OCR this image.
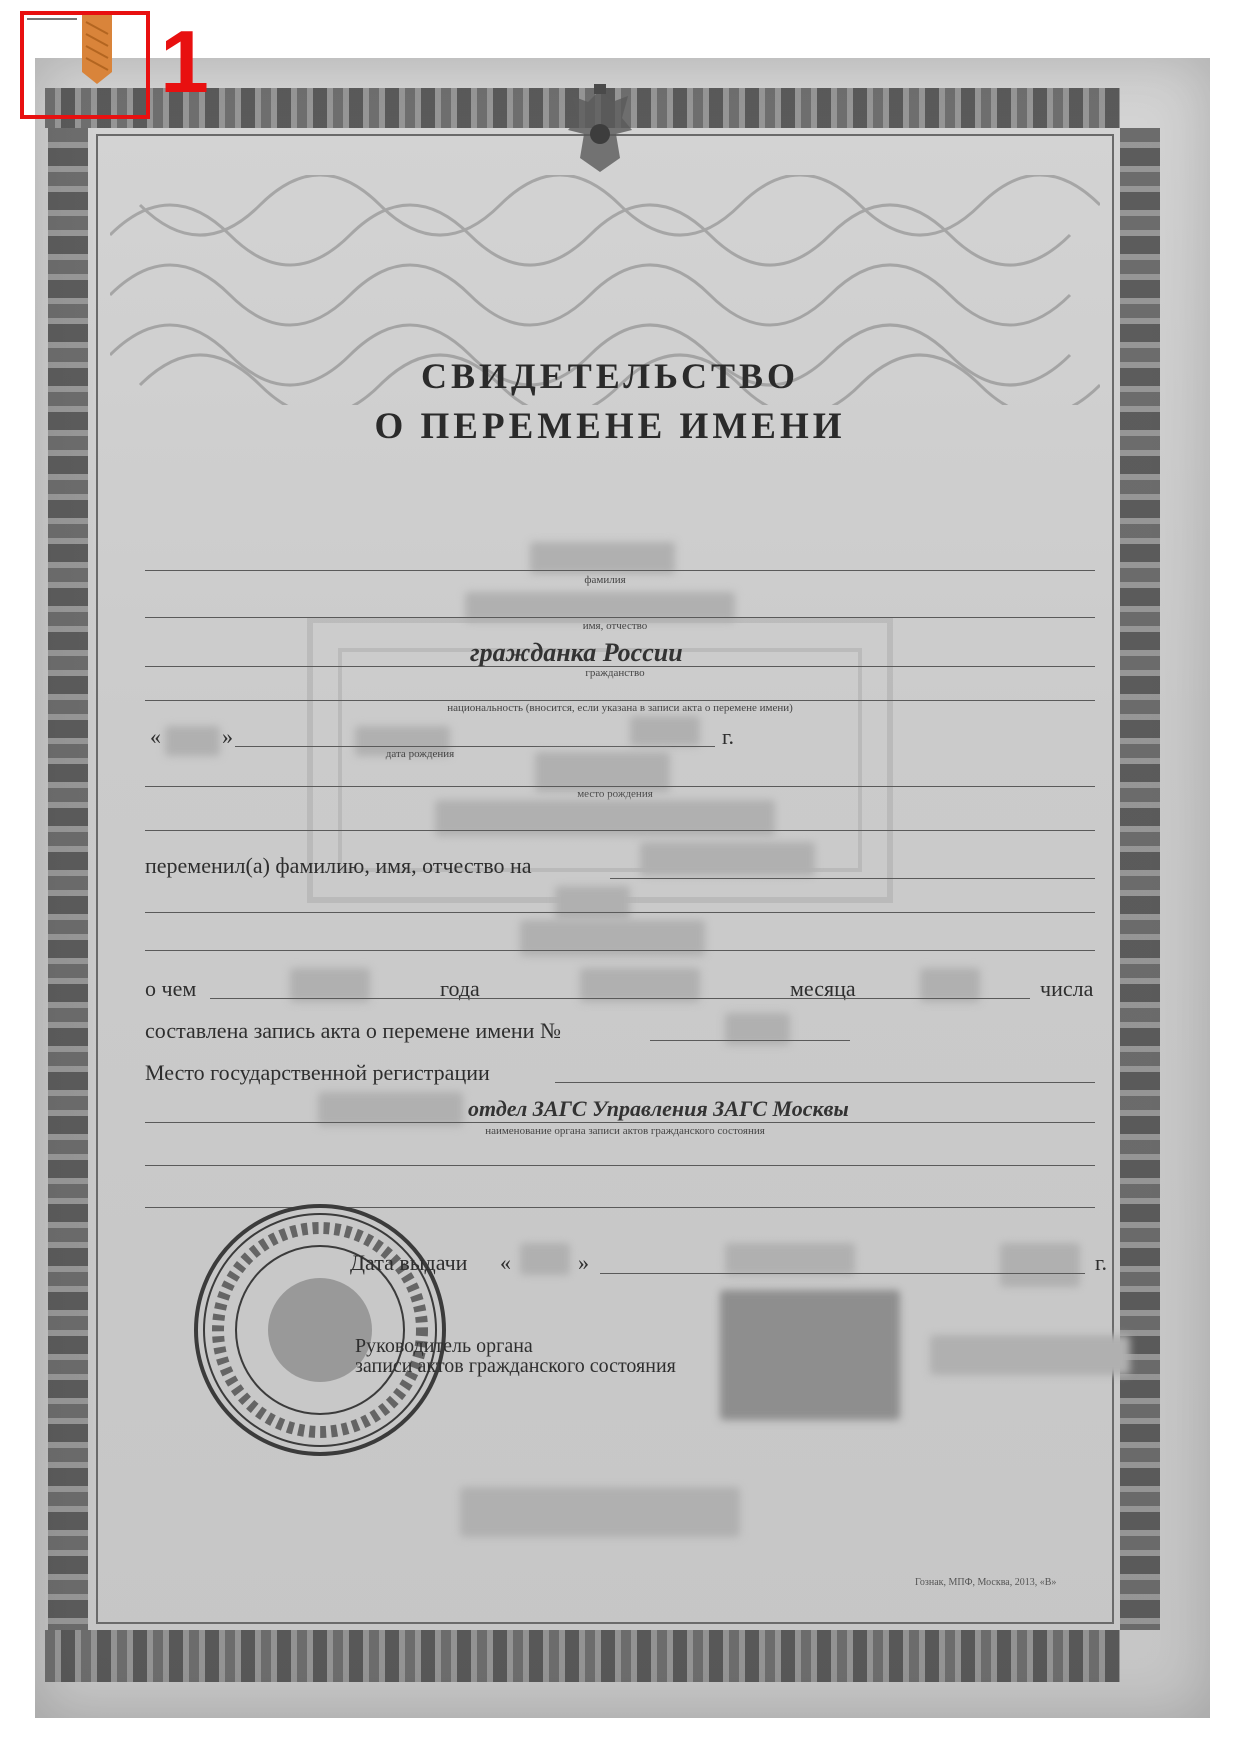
СВИДЕТЕЛЬСТВО
О ПЕРЕМЕНЕ ИМЕНИ
фамилия
имя, отчество
гражданка России
гражданство
национальность (вносится, если указана в записи акта о перемене имени)
«	»	г.
дата рождения
место рождения
переменил(а) фамилию, имя, отчество на
о чем	года	месяца	числа
составлена запись акта о перемене имени №
Место государственной регистрации
отдел ЗАГС Управления ЗАГС Москвы
наименование органа записи актов гражданского состояния
Дата выдачи «	»	г.
Руководитель органа
записи актов гражданского состояния
Гознак, МПФ, Москва, 2013, «В»
1
